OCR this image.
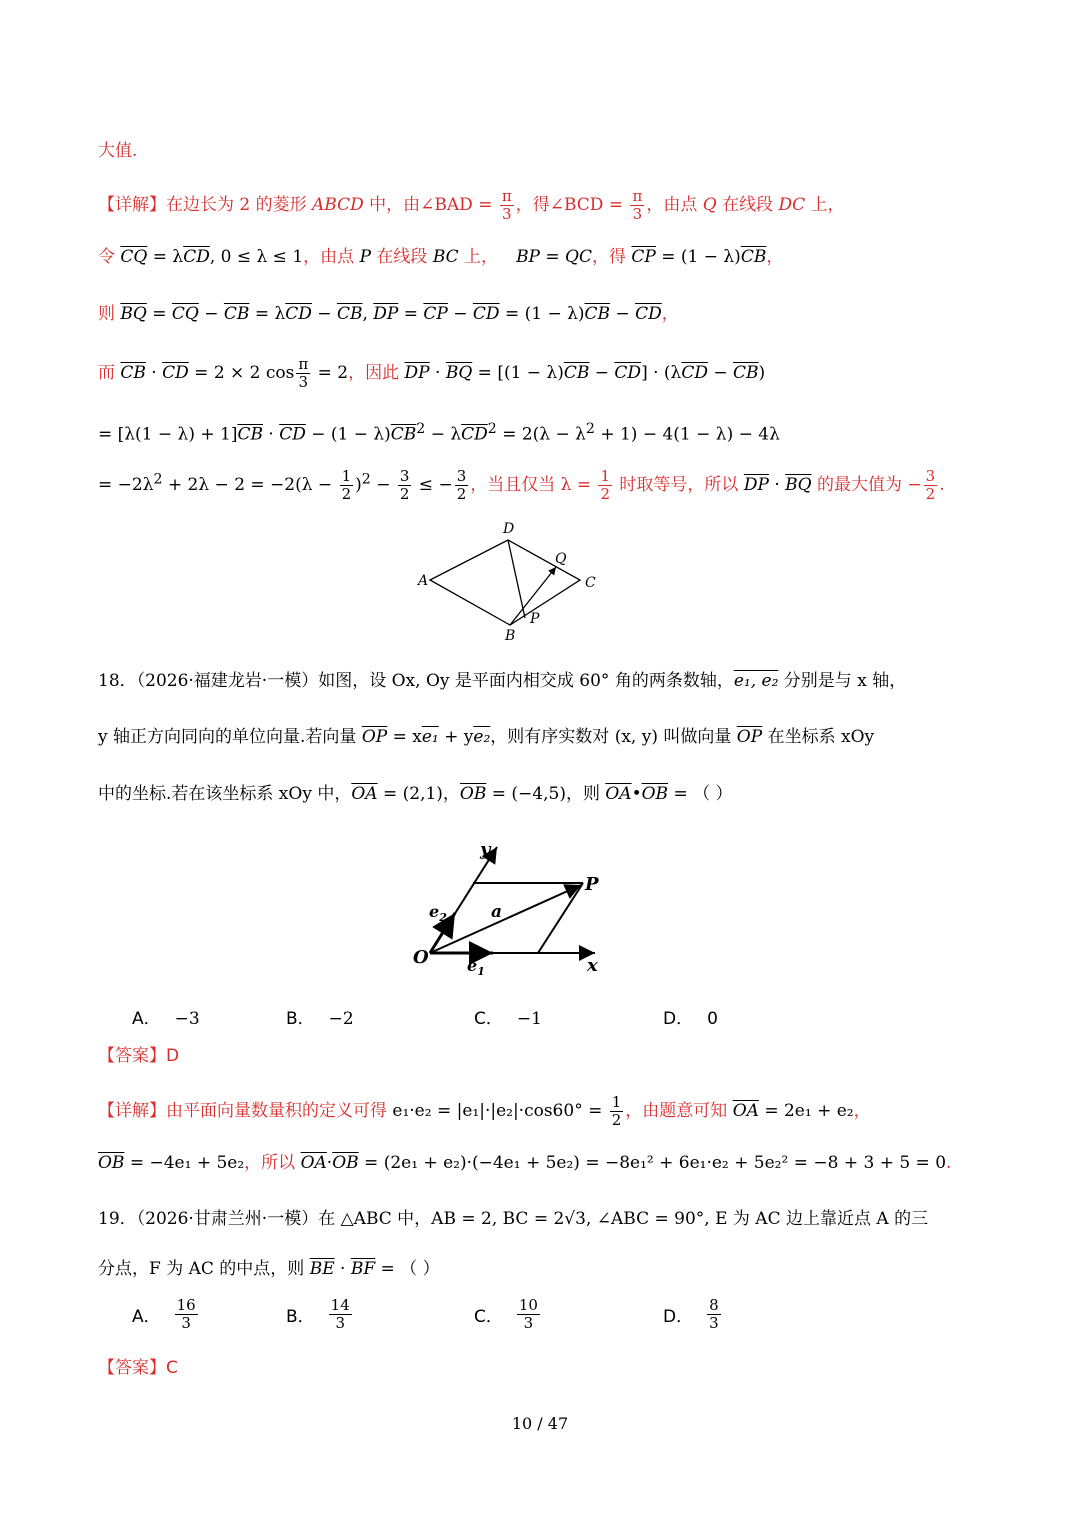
大值.
【详解】在边长为 2 的菱形 ABCD 中，由∠BAD = $\frac{\pi}{3}$ ，得∠BCD = $\frac{\pi}{3}$ ，由点 Q 在线段 DC 上，
令 $\overline{CQ} = \lambda\overline{CD}$, 0 ≤ λ ≤ 1，由点 P 在线段 BC 上， BP = QC，得 $\overline{CP} = (1 - \lambda)\overline{CB}$，
则 $\overline{BQ} = \overline{CQ} - \overline{CB} = \lambda\overline{CD} - \overline{CB}$, $\overline{DP} = \overline{CP} - \overline{CD} = (1 - \lambda)\overline{CB} - \overline{CD}$，
而 $\overline{CB} \cdot \overline{CD} = 2 \times 2$ $\cos \frac{\pi}{3} = 2$，因此 $\overline{DP} \cdot \overline{BQ} = [(1 - \lambda)\overline{CB} - \overline{CD}] \cdot (\lambda\overline{CD} - \overline{CB})$
= $[\lambda(1 - \lambda) + 1]\overline{CB} \cdot \overline{CD} - (1 - \lambda)\overline{CB}^2 - \lambda\overline{CD}^2 = 2(\lambda - \lambda^2 + 1) - 4(1 - \lambda) - 4\lambda$
= $-2\lambda^2 + 2\lambda - 2 = -2(\lambda - \frac{1}{2} )^2 - \frac{3}{2}$ ≤ − $\frac{3}{2}$ ，当且仅当 $\lambda = \frac{1}{2}$ 时取等号，所以 $\overline{DP} \cdot \overline{BQ}$ 的最大值为 − $\frac{3}{2}$ .
A
D
C
Q
P
B
18．（2026·福建龙岩·一模）如图，设 Ox, Oy 是平面内相交成 60° 角的两条数轴，e₁, e₂ 分别是与 x 轴，
y 轴正方向同向的单位向量.若向量 $\overline{OP} = xe_1 + ye_2$，则有序实数对 (x, y) 叫做向量 $\overline{OP}$ 在坐标系 xOy
中的坐标.若在该坐标系 xOy 中，$\overline{OA} = (2,1)$，$\overline{OB} = (-4,5)$，则 $\overline{OA}•\overline{OB}$ = （ ）
y
x
O
P
a
$e_1$
$e_2$
A． −3	B． −2	C． −1	D． 0
【答案】D
【详解】由平面向量数量积的定义可得 $e_1\cdot e_2 = |e_1|\cdot|e_2|\cdot\cos 60^\circ = \frac{1}{2}$ ，由题意可知 $\overline{OA} = 2e_1 + e_2$，
$\overline{OB} = -4e_1 + 5e_2$，所以 $\overline{OA}\cdot\overline{OB} = (2e_1 + e_2)\cdot(-4e_1 + 5e_2) = -8e_1^2 + 6e_1\cdot e_2 + 5e_2^2 = -8 + 3 + 5 = 0$.
19．（2026·甘肃兰州·一模）在 △ABC 中，AB = 2, BC = 2√3, ∠ABC = 90°, E 为 AC 边上靠近点 A 的三
分点，F 为 AC 的中点，则 $\overline{BE} \cdot \overline{BF}$ = （ ）
A． $\frac{16}{3}$	B． $\frac{14}{3}$	C． $\frac{10}{3}$	D． $\frac{8}{3}$
【答案】C
10 / 47
